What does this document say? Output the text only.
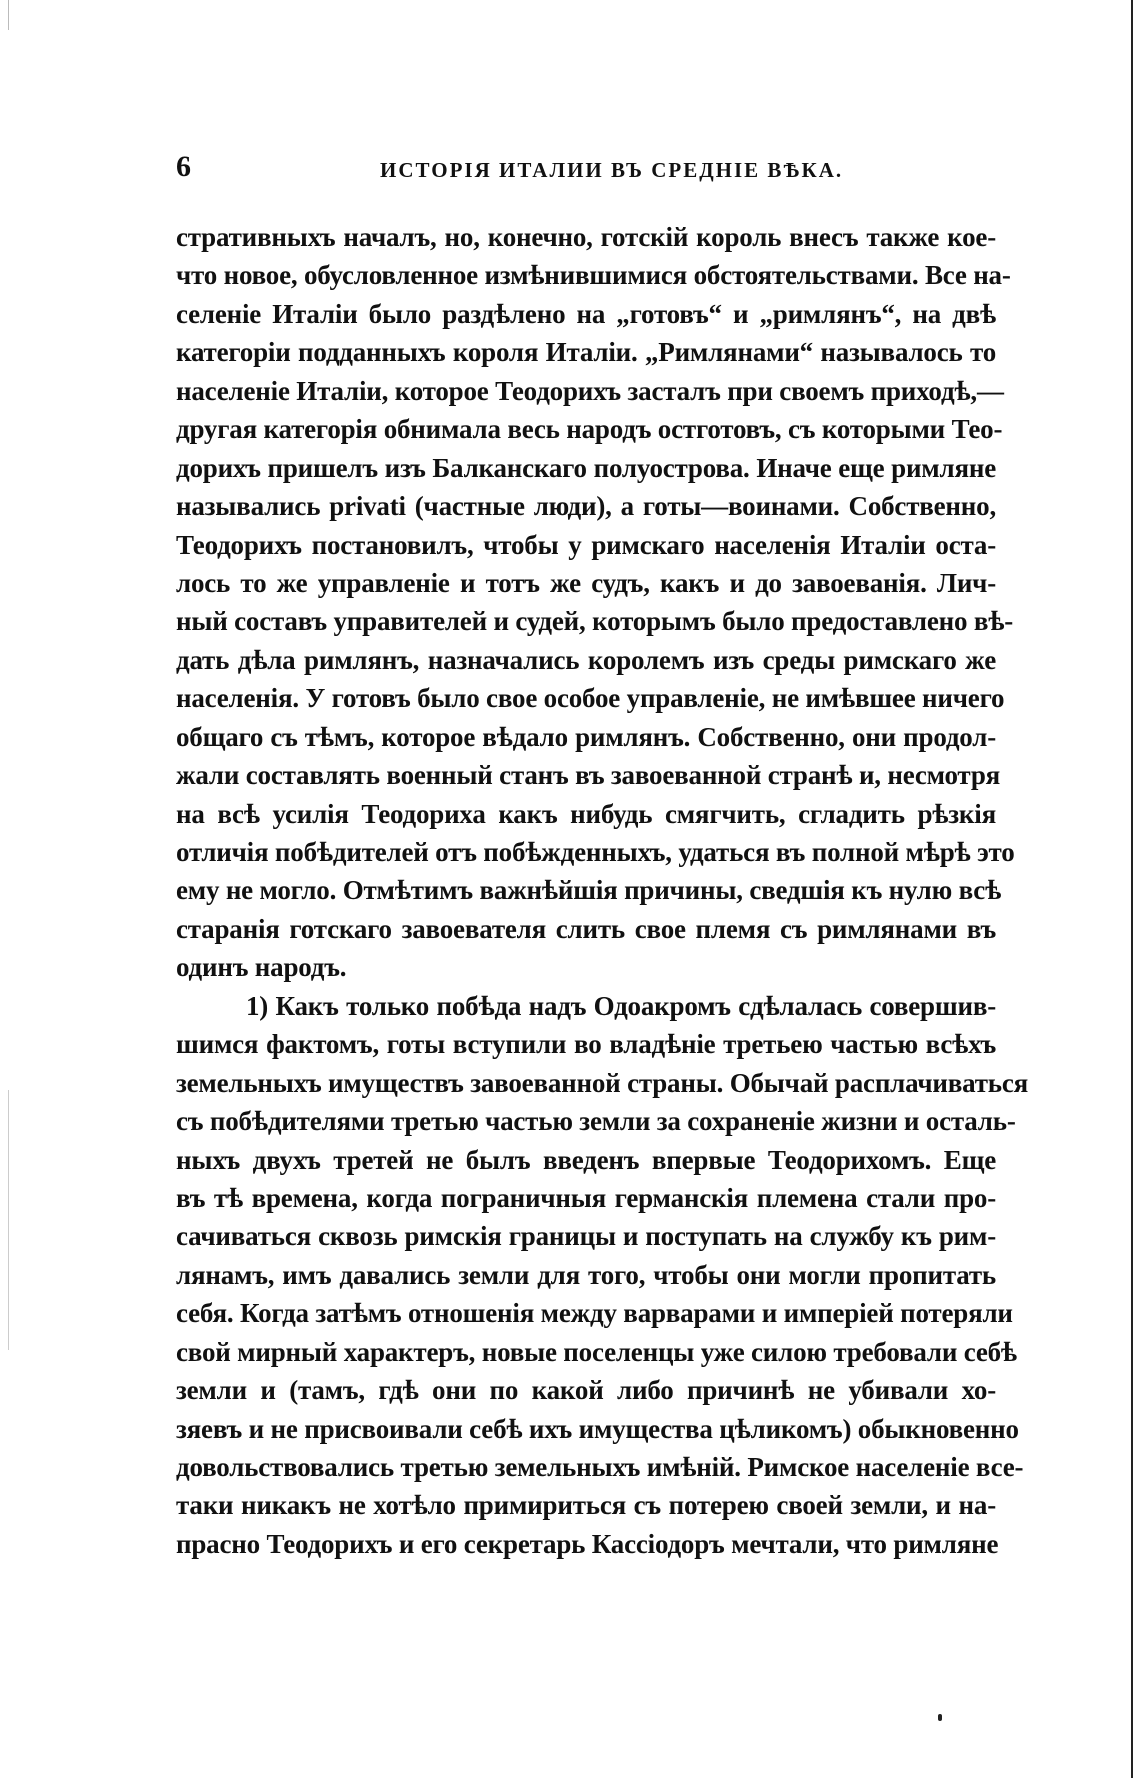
6	ИСТОРІЯ ИТАЛИИ ВЪ СРЕДНІЕ ВѢКА.
стративныхъ началъ, но, конечно, готскій король внесъ также кое-
что новое, обусловленное измѣнившимися обстоятельствами. Все на-
селеніе Италіи было раздѣлено на „готовъ“ и „римлянъ“, на двѣ
категоріи подданныхъ короля Италіи. „Римлянами“ называлось то
населеніе Италіи, которое Теодорихъ засталъ при своемъ приходѣ,—
другая категорія обнимала весь народъ остготовъ, съ которыми Тео-
дорихъ пришелъ изъ Балканскаго полуострова. Иначе еще римляне
назывались privati (частные люди), а готы—воинами. Собственно,
Теодорихъ постановилъ, чтобы у римскаго населенія Италіи оста-
лось то же управленіе и тотъ же судъ, какъ и до завоеванія. Лич-
ный составъ управителей и судей, которымъ было предоставлено вѣ-
дать дѣла римлянъ, назначались королемъ изъ среды римскаго же
населенія. У готовъ было свое особое управленіе, не имѣвшее ничего
общаго съ тѣмъ, которое вѣдало римлянъ. Собственно, они продол-
жали составлять военный станъ въ завоеванной странѣ и, несмотря
на всѣ усилія Теодориха какъ нибудь смягчить, сгладить рѣзкія
отличія побѣдителей отъ побѣжденныхъ, удаться въ полной мѣрѣ это
ему не могло. Отмѣтимъ важнѣйшія причины, сведшія къ нулю всѣ
старанія готскаго завоевателя слить свое племя съ римлянами въ
одинъ народъ.
1) Какъ только побѣда надъ Одоакромъ сдѣлалась совершив-
шимся фактомъ, готы вступили во владѣніе третьею частью всѣхъ
земельныхъ имуществъ завоеванной страны. Обычай расплачиваться
съ побѣдителями третью частью земли за сохраненіе жизни и осталь-
ныхъ двухъ третей не былъ введенъ впервые Теодорихомъ. Еще
въ тѣ времена, когда пограничныя германскія племена стали про-
сачиваться сквозь римскія границы и поступать на службу къ рим-
лянамъ, имъ давались земли для того, чтобы они могли пропитать
себя. Когда затѣмъ отношенія между варварами и имперіей потеряли
свой мирный характеръ, новые поселенцы уже силою требовали себѣ
земли и (тамъ, гдѣ они по какой либо причинѣ не убивали хо-
зяевъ и не присвоивали себѣ ихъ имущества цѣликомъ) обыкновенно
довольствовались третью земельныхъ имѣній. Римское населеніе все-
таки никакъ не хотѣло примириться съ потерею своей земли, и на-
прасно Теодорихъ и его секретарь Кассіодоръ мечтали, что римляне
